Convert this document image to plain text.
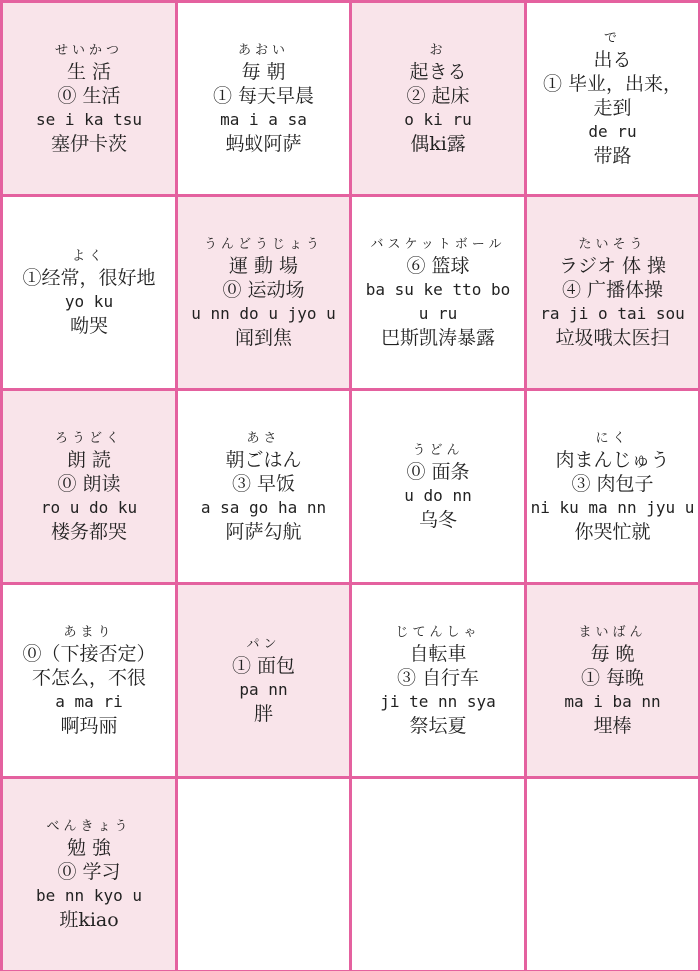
せいかつ
生 活
⓪ 生活
se i ka tsu
塞伊卡茨
あおい
毎 朝
① 每天早晨
ma i a sa
蚂蚁阿萨
お
起きる
② 起床
o ki ru
偶ki露
で
出る
① 毕业，出来，走到
de ru
带路
よく
①经常，很好地
yo ku
呦哭
うんどうじょう
運 動 場
⓪ 运动场
u nn do u jyo u
闻到焦
バスケットボール
⑥ 篮球
ba su ke tto bo u ru
巴斯凯涛暴露
たいそう
ラジオ 体 操
④ 广播体操
ra ji o tai sou
垃圾哦太医扫
ろうどく
朗 読
⓪ 朗读
ro u do ku
楼务都哭
あさ
朝ごはん
③ 早饭
a sa go ha nn
阿萨勾航
うどん
⓪ 面条
u do nn
乌冬
にく
肉まんじゅう
③ 肉包子
ni ku ma nn jyu u
你哭忙就
あまり
⓪（下接否定）不怎么，不很
a ma ri
啊玛丽
パン
① 面包
pa nn
胖
じてんしゃ
自転車
③ 自行车
ji te nn sya
祭坛夏
まいばん
毎 晩
① 每晚
ma i ba nn
埋棒
べんきょう
勉 強
⓪ 学习
be nn kyo u
班kiao
